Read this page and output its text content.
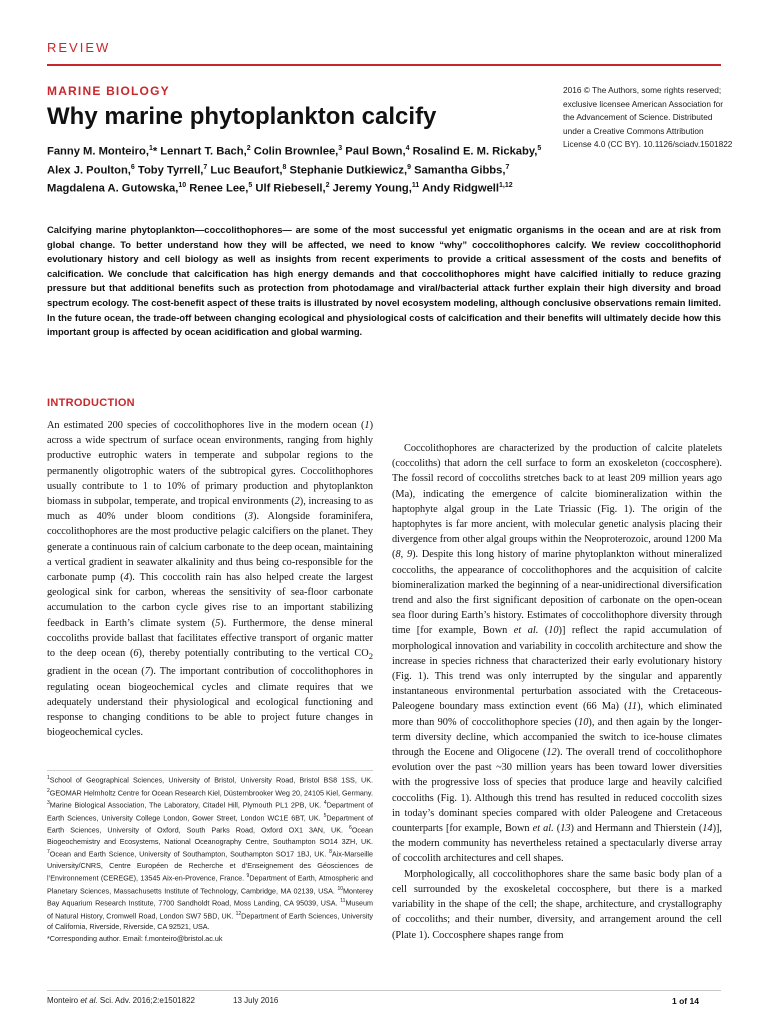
REVIEW
MARINE BIOLOGY
Why marine phytoplankton calcify
2016 © The Authors, some rights reserved; exclusive licensee American Association for the Advancement of Science. Distributed under a Creative Commons Attribution License 4.0 (CC BY). 10.1126/sciadv.1501822
Fanny M. Monteiro,$^1$* Lennart T. Bach,$^2$ Colin Brownlee,$^3$ Paul Bown,$^4$ Rosalind E. M. Rickaby,$^5$ Alex J. Poulton,$^6$ Toby Tyrrell,$^7$ Luc Beaufort,$^8$ Stephanie Dutkiewicz,$^9$ Samantha Gibbs,$^7$ Magdalena A. Gutowska,$^{10}$ Renee Lee,$^5$ Ulf Riebesell,$^2$ Jeremy Young,$^{11}$ Andy Ridgwell$^{1,12}$
Calcifying marine phytoplankton—coccolithophores— are some of the most successful yet enigmatic organisms in the ocean and are at risk from global change. To better understand how they will be affected, we need to know “why” coccolithophores calcify. We review coccolithophorid evolutionary history and cell biology as well as insights from recent experiments to provide a critical assessment of the costs and benefits of calcification. We conclude that calcification has high energy demands and that coccolithophores might have calcified initially to reduce grazing pressure but that additional benefits such as protection from photodamage and viral/bacterial attack further explain their high diversity and broad spectrum ecology. The cost-benefit aspect of these traits is illustrated by novel ecosystem modeling, although conclusive observations remain limited. In the future ocean, the trade-off between changing ecological and physiological costs of calcification and their benefits will ultimately decide how this important group is affected by ocean acidification and global warming.
INTRODUCTION

An estimated 200 species of coccolithophores live in the modern ocean (1) across a wide spectrum of surface ocean environments, ranging from highly productive eutrophic waters in temperate and subpolar regions to the permanently oligotrophic waters of the subtropical gyres. Coccolithophores usually contribute to 1 to 10% of primary production and phytoplankton biomass in subpolar, temperate, and tropical environments (2), increasing to as much as 40% under bloom conditions (3). Alongside foraminifera, coccolithophores are the most productive pelagic calcifiers on the planet. They generate a continuous rain of calcium carbonate to the deep ocean, maintaining a vertical gradient in seawater alkalinity and thus being co-responsible for the carbonate pump (4). This coccolith rain has also helped create the largest geological sink for carbon, whereas the sensitivity of sea-floor carbonate accumulation to the carbon cycle gives rise to an important stabilizing feedback in Earth’s climate system (5). Furthermore, the dense mineral coccoliths provide ballast that facilitates effective transport of organic matter to the deep ocean (6), thereby potentially contributing to the vertical $CO_2$ gradient in the ocean (7). The important contribution of coccolithophores in regulating ocean biogeochemical cycles and climate requires that we adequately understand their physiological and ecological functioning and response to changing conditions to be able to project future changes in biogeochemical cycles.

Coccolithophores are characterized by the production of calcite platelets (coccoliths) that adorn the cell surface to form an exoskeleton (coccosphere). The fossil record of coccoliths stretches back to at least 209 million years ago (Ma), indicating the emergence of calcite biomineralization within the haptophyte algal group in the Late Triassic (Fig. 1). The origin of the haptophytes is far more ancient, with molecular genetic analysis placing their divergence from other algal groups within the Neoproterozoic, around 1200 Ma (8, 9). Despite this long history of marine phytoplankton without mineralized coccoliths, the appearance of coccolithophores and the acquisition of calcite biomineralization marked the beginning of a near-unidirectional diversification trend and also the first significant deposition of carbonate on the open-ocean sea floor during Earth’s history. Estimates of coccolithophore diversity through time [for example, Bown et al. (10)] reflect the rapid accumulation of morphological innovation and variability in coccolith architecture and show the increase in species richness that characterized their early evolutionary history (Fig. 1). This trend was only interrupted by the singular and apparently instantaneous environmental perturbation associated with the Cretaceous-Paleogene boundary mass extinction event (66 Ma) (11), which eliminated more than 90% of coccolithophore species (10), and then again by the longer-term diversity decline, which accompanied the switch to ice-house climates through the Eocene and Oligocene (12). The overall trend of coccolithophore evolution over the past ~30 million years has been toward lower diversities with the progressive loss of species that produce large and heavily calcified coccoliths (Fig. 1). Although this trend has resulted in reduced coccolith sizes in today’s dominant species compared with older Paleogene and Cretaceous counterparts [for example, Bown et al. (13) and Hermann and Thierstein (14)], the modern community has nevertheless retained a spectacularly diverse array of coccolith architectures and cell shapes.

Morphologically, all coccolithophores share the same basic body plan of a cell surrounded by the exoskeletal coccosphere, but there is a marked variability in the shape of the cell; the shape, architecture, and crystallography of coccoliths; and their number, diversity, and arrangement around the cell (Plate 1). Coccosphere shapes range from

$^1$School of Geographical Sciences, University of Bristol, University Road, Bristol BS8 1SS, UK. $^2$GEOMAR Helmholtz Centre for Ocean Research Kiel, Düsternbrooker Weg 20, 24105 Kiel, Germany. $^3$Marine Biological Association, The Laboratory, Citadel Hill, Plymouth PL1 2PB, UK. $^4$Department of Earth Sciences, University College London, Gower Street, London WC1E 6BT, UK. $^5$Department of Earth Sciences, University of Oxford, South Parks Road, Oxford OX1 3AN, UK. $^6$Ocean Biogeochemistry and Ecosystems, National Oceanography Centre, Southampton SO14 3ZH, UK. $^7$Ocean and Earth Science, University of Southampton, Southampton SO17 1BJ, UK. $^8$Aix-Marseille University/CNRS, Centre Européen de Recherche et d’Enseignement des Géosciences de l’Environnement (CEREGE), 13545 Aix-en-Provence, France. $^9$Department of Earth, Atmospheric and Planetary Sciences, Massachusetts Institute of Technology, Cambridge, MA 02139, USA. $^{10}$Monterey Bay Aquarium Research Institute, 7700 Sandholdt Road, Moss Landing, CA 95039, USA. $^{11}$Museum of Natural History, Cromwell Road, London SW7 5BD, UK. $^{12}$Department of Earth Sciences, University of California, Riverside, Riverside, CA 92521, USA.
*Corresponding author. Email: f.monteiro@bristol.ac.uk
Monteiro et al. Sci. Adv. 2016;2:e1501822	13 July 2016	1 of 14
